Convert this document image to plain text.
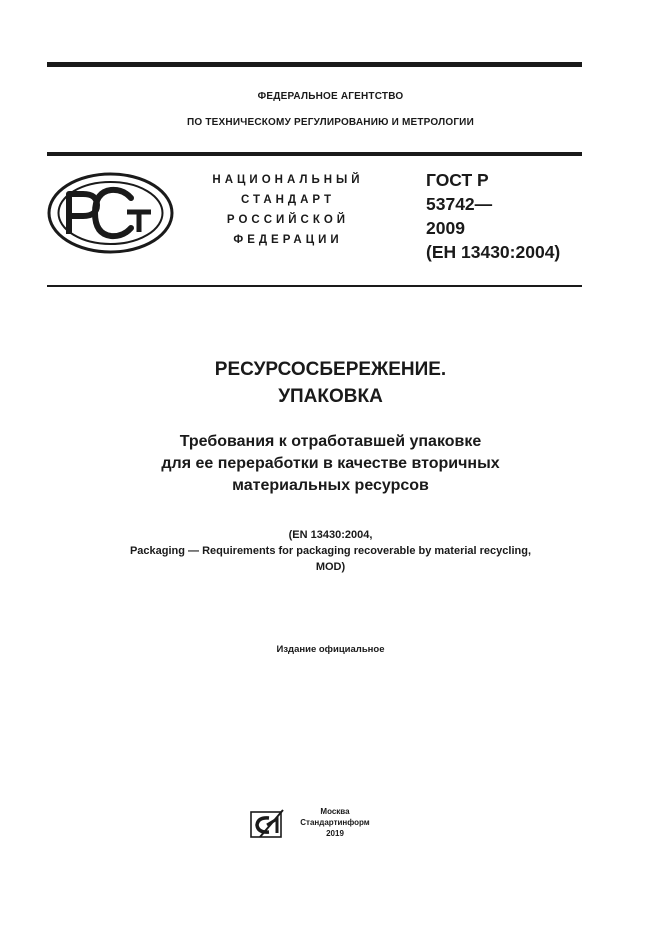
ФЕДЕРАЛЬНОЕ АГЕНТСТВО
ПО ТЕХНИЧЕСКОМУ РЕГУЛИРОВАНИЮ И МЕТРОЛОГИИ
НАЦИОНАЛЬНЫЙ
СТАНДАРТ
РОССИЙСКОЙ
ФЕДЕРАЦИИ
ГОСТ Р
53742—
2009
(ЕН 13430:2004)
РЕСУРСОСБЕРЕЖЕНИЕ.
УПАКОВКА
Требования к отработавшей упаковке
для ее переработки в качестве вторичных
материальных ресурсов
(EN 13430:2004,
Packaging — Requirements for packaging recoverable by material recycling,
MOD)
Издание официальное
Москва
Стандартинформ
2019
